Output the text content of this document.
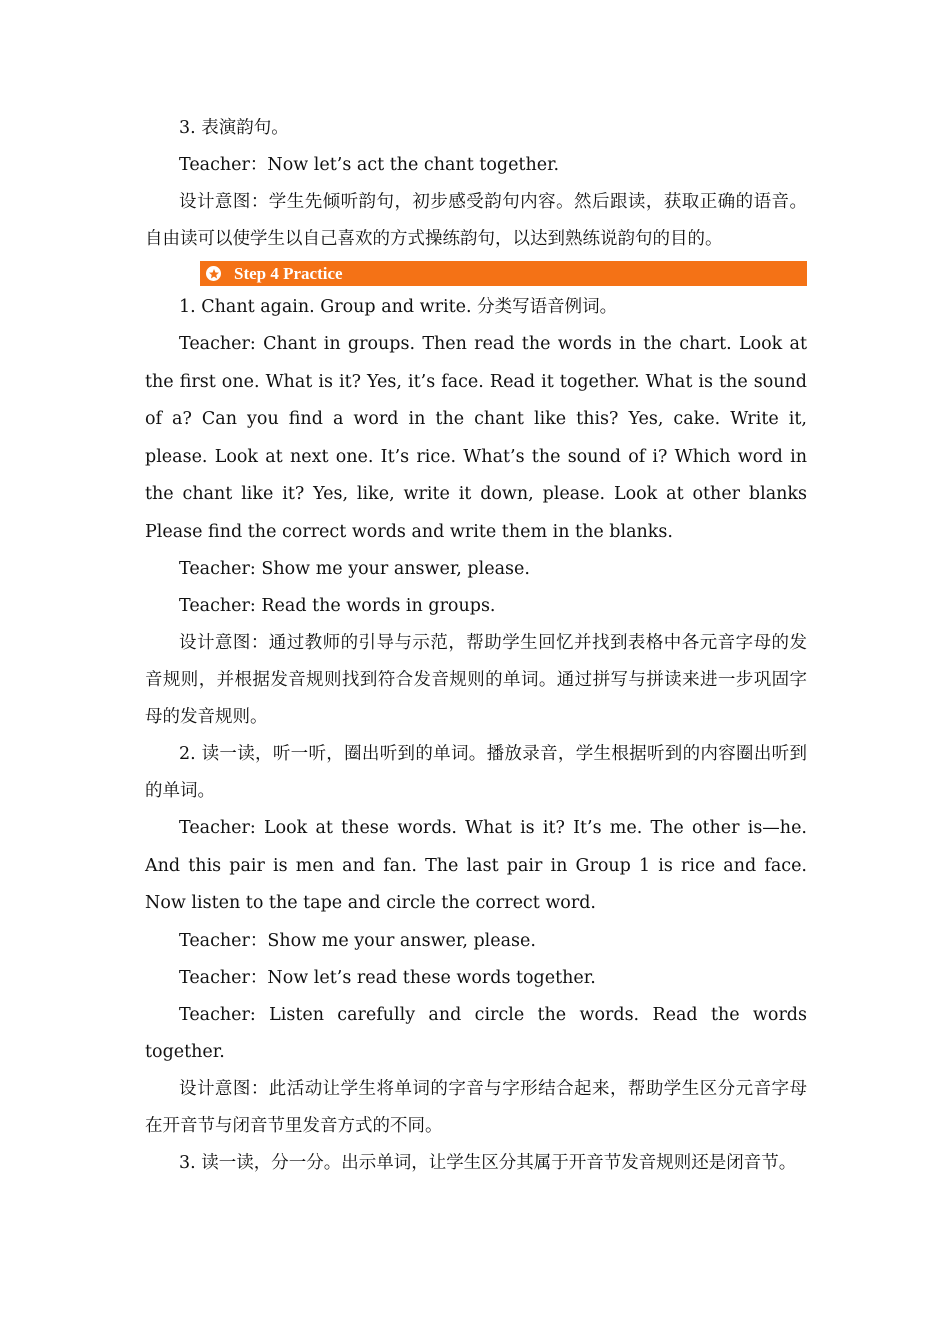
3. 表演韵句。

Teacher：Now let’s act the chant together.

设计意图：学生先倾听韵句，初步感受韵句内容。然后跟读，获取正确的语音。自由读可以使学生以自己喜欢的方式操练韵句，以达到熟练说韵句的目的。

Step 4 Practice

1. Chant again. Group and write. 分类写语音例词。

Teacher: Chant in groups. Then read the words in the chart. Look at the first one. What is it? Yes, it’s face. Read it together. What is the sound of a? Can you find a word in the chant like this? Yes, cake. Write it, please. Look at next one. It’s rice. What’s the sound of i? Which word in the chant like it? Yes, like, write it down, please. Look at other blanks Please find the correct words and write them in the blanks.

Teacher: Show me your answer, please.

Teacher: Read the words in groups.

设计意图：通过教师的引导与示范，帮助学生回忆并找到表格中各元音字母的发音规则，并根据发音规则找到符合发音规则的单词。通过拼写与拼读来进一步巩固字母的发音规则。

2. 读一读，听一听，圈出听到的单词。播放录音，学生根据听到的内容圈出听到的单词。

Teacher: Look at these words. What is it? It’s me. The other is—he. And this pair is men and fan. The last pair in Group 1 is rice and face. Now listen to the tape and circle the correct word.

Teacher：Show me your answer, please.

Teacher：Now let’s read these words together.

Teacher: Listen carefully and circle the words. Read the words together.

设计意图：此活动让学生将单词的字音与字形结合起来，帮助学生区分元音字母在开音节与闭音节里发音方式的不同。

3. 读一读，分一分。出示单词，让学生区分其属于开音节发音规则还是闭音节。
